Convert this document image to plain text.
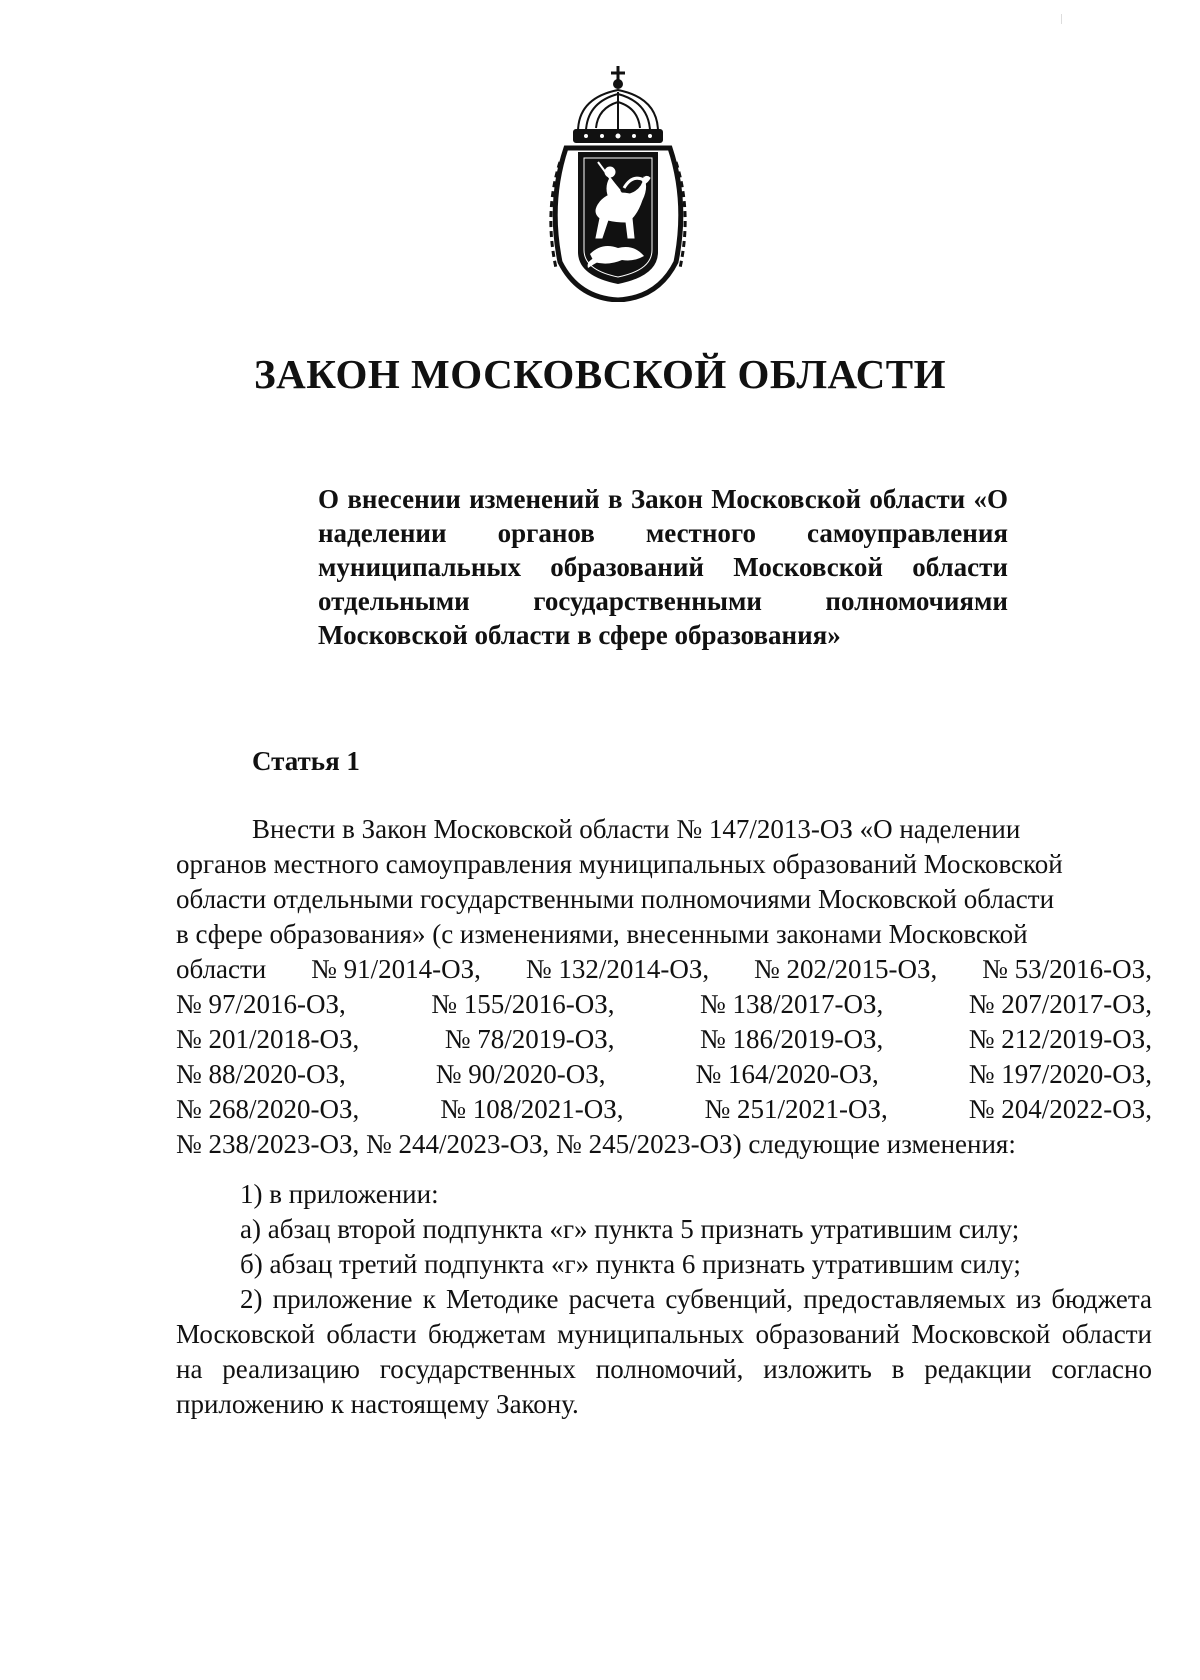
ЗАКОН МОСКОВСКОЙ ОБЛАСТИ

О внесении изменений в Закон Московской области «О наделении органов местного самоуправления муниципальных образований Московской области отдельными государственными полномочиями Московской области в сфере образования»

Статья 1
Внести в Закон Московской области № 147/2013-ОЗ «О наделении
органов местного самоуправления муниципальных образований Московской
области отдельными государственными полномочиями Московской области
в сфере образования» (с изменениями, внесенными законами Московской
области № 91/2014-ОЗ, № 132/2014-ОЗ, № 202/2015-ОЗ, № 53/2016-ОЗ,
№ 97/2016-ОЗ,	№ 155/2016-ОЗ,	№ 138/2017-ОЗ,	№ 207/2017-ОЗ,
№ 201/2018-ОЗ,	№ 78/2019-ОЗ,	№ 186/2019-ОЗ,	№ 212/2019-ОЗ,
№ 88/2020-ОЗ,	№ 90/2020-ОЗ,	№ 164/2020-ОЗ,	№ 197/2020-ОЗ,
№ 268/2020-ОЗ,	№ 108/2021-ОЗ,	№ 251/2021-ОЗ,	№ 204/2022-ОЗ,
№ 238/2023-ОЗ, № 244/2023-ОЗ, № 245/2023-ОЗ) следующие изменения:

1) в приложении:

а) абзац второй подпункта «г» пункта 5 признать утратившим силу;

б) абзац третий подпункта «г» пункта 6 признать утратившим силу;

2) приложение к Методике расчета субвенций, предоставляемых из бюджета Московской области бюджетам муниципальных образований Московской области на реализацию государственных полномочий, изложить в редакции согласно приложению к настоящему Закону.
